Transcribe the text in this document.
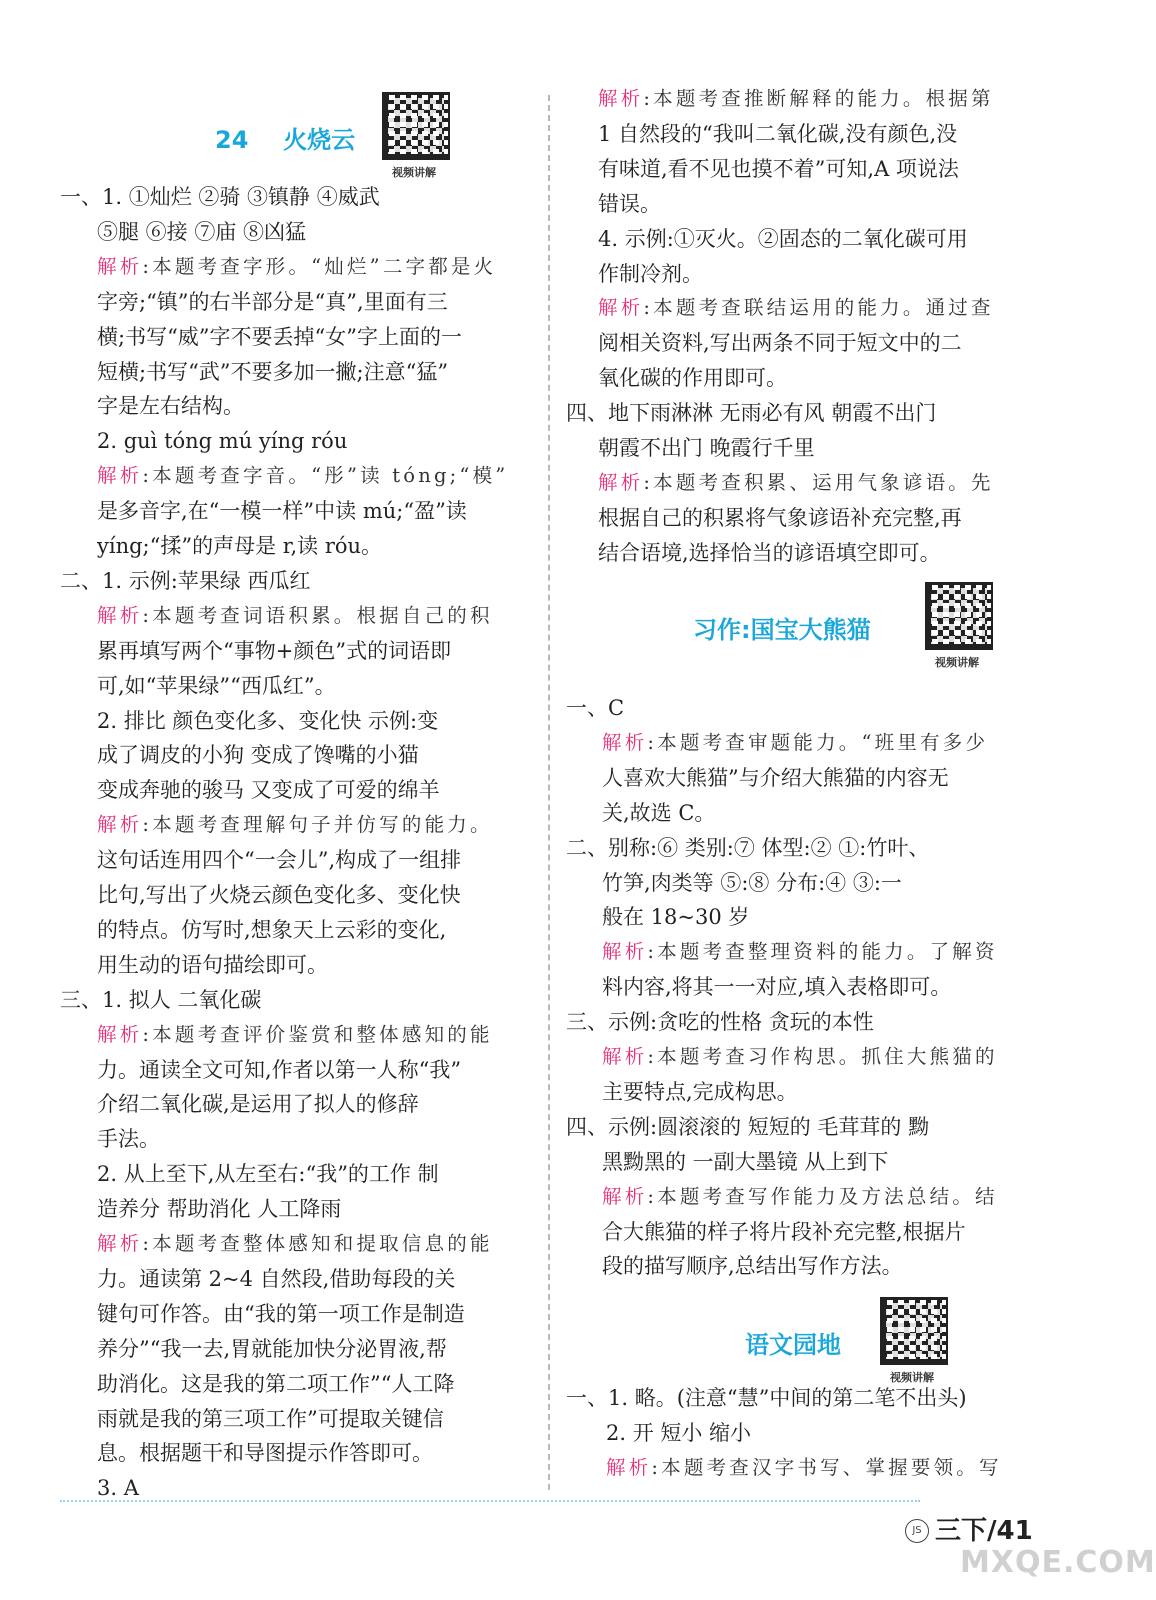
24 火烧云
视频讲解
一、1. ①灿烂 ②骑 ③镇静 ④威武
⑤腿 ⑥接 ⑦庙 ⑧凶猛
解析:本题考查字形。“灿烂”二字都是火
字旁;“镇”的右半部分是“真”,里面有三
横;书写“威”字不要丢掉“女”字上面的一
短横;书写“武”不要多加一撇;注意“猛”
字是左右结构。
2. guì tóng mú yíng róu
解析:本题考查字音。“彤”读 tóng;“模”
是多音字,在“一模一样”中读 mú;“盈”读
yíng;“揉”的声母是 r,读 róu。
二、1. 示例:苹果绿 西瓜红
解析:本题考查词语积累。根据自己的积
累再填写两个“事物+颜色”式的词语即
可,如“苹果绿”“西瓜红”。
2. 排比 颜色变化多、变化快 示例:变
成了调皮的小狗 变成了馋嘴的小猫
变成奔驰的骏马 又变成了可爱的绵羊
解析:本题考查理解句子并仿写的能力。
这句话连用四个“一会儿”,构成了一组排
比句,写出了火烧云颜色变化多、变化快
的特点。仿写时,想象天上云彩的变化,
用生动的语句描绘即可。
三、1. 拟人 二氧化碳
解析:本题考查评价鉴赏和整体感知的能
力。通读全文可知,作者以第一人称“我”
介绍二氧化碳,是运用了拟人的修辞
手法。
2. 从上至下,从左至右:“我”的工作 制
造养分 帮助消化 人工降雨
解析:本题考查整体感知和提取信息的能
力。通读第 2~4 自然段,借助每段的关
键句可作答。由“我的第一项工作是制造
养分”“我一去,胃就能加快分泌胃液,帮
助消化。这是我的第二项工作”“人工降
雨就是我的第三项工作”可提取关键信
息。根据题干和导图提示作答即可。
3. A
解析:本题考查推断解释的能力。根据第
1 自然段的“我叫二氧化碳,没有颜色,没
有味道,看不见也摸不着”可知,A 项说法
错误。
4. 示例:①灭火。②固态的二氧化碳可用
作制冷剂。
解析:本题考查联结运用的能力。通过查
阅相关资料,写出两条不同于短文中的二
氧化碳的作用即可。
四、地下雨淋淋 无雨必有风 朝霞不出门
朝霞不出门 晚霞行千里
解析:本题考查积累、运用气象谚语。先
根据自己的积累将气象谚语补充完整,再
结合语境,选择恰当的谚语填空即可。
习作:国宝大熊猫
视频讲解
一、C
解析:本题考查审题能力。“班里有多少
人喜欢大熊猫”与介绍大熊猫的内容无
关,故选 C。
二、别称:⑥ 类别:⑦ 体型:② ①:竹叶、
竹笋,肉类等 ⑤:⑧ 分布:④ ③:一
般在 18~30 岁
解析:本题考查整理资料的能力。了解资
料内容,将其一一对应,填入表格即可。
三、示例:贪吃的性格 贪玩的本性
解析:本题考查习作构思。抓住大熊猫的
主要特点,完成构思。
四、示例:圆滚滚的 短短的 毛茸茸的 黝
黑黝黑的 一副大墨镜 从上到下
解析:本题考查写作能力及方法总结。结
合大熊猫的样子将片段补充完整,根据片
段的描写顺序,总结出写作方法。
语文园地
视频讲解
一、1. 略。(注意“慧”中间的第二笔不出头)
2. 开 短小 缩小
解析:本题考查汉字书写、掌握要领。写
JS 三下/41
MXQE.COM
